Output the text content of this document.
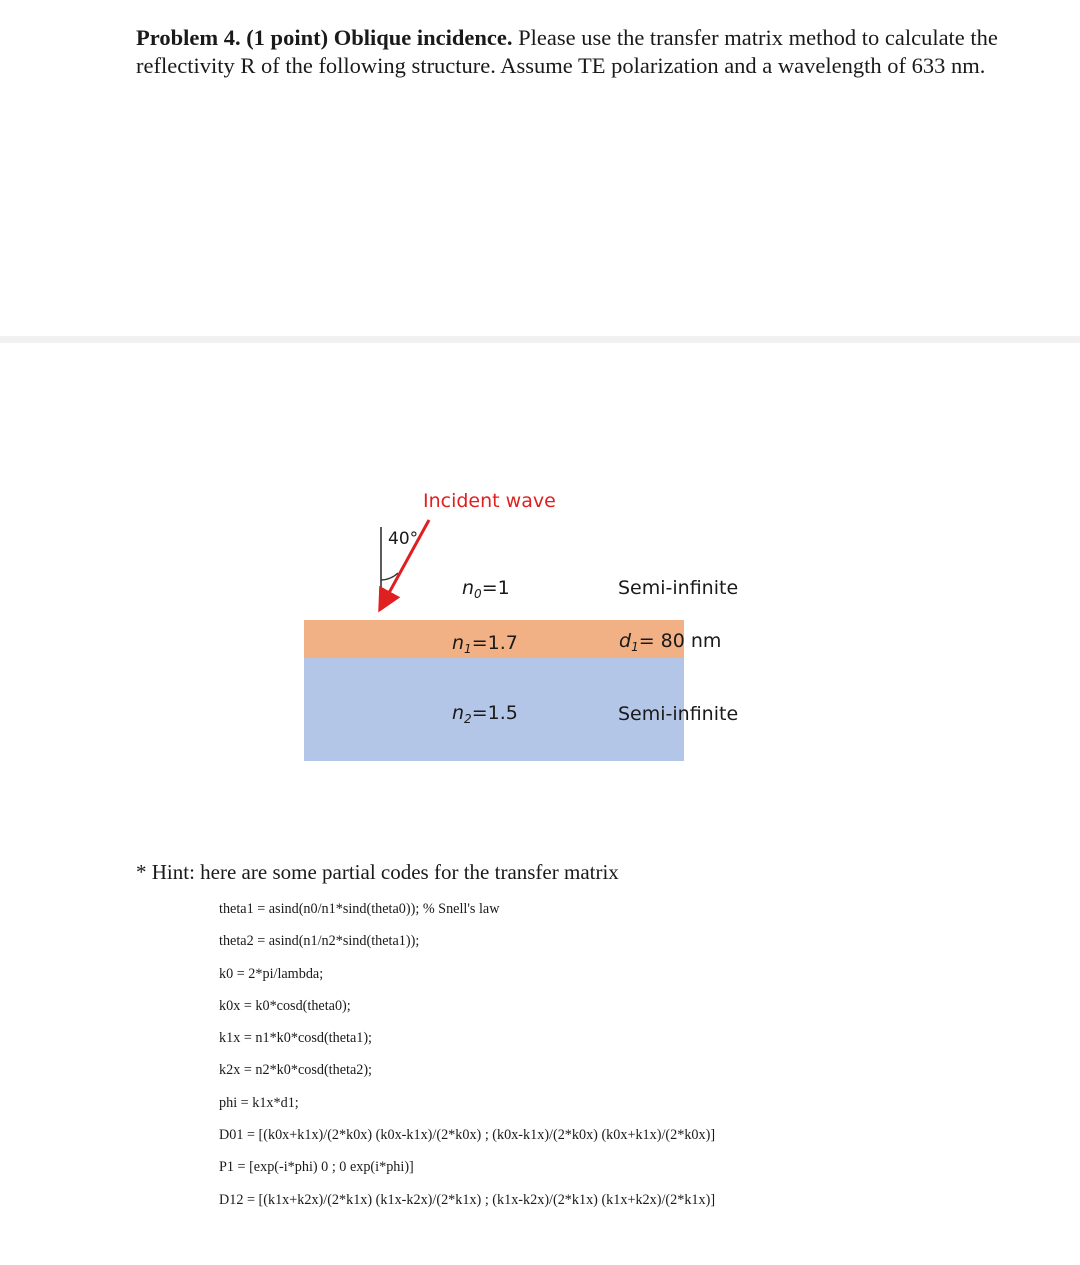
Problem 4. (1 point) Oblique incidence. Please use the transfer matrix method to calculate the reflectivity R of the following structure. Assume TE polarization and a wavelength of 633 nm.

Incident wave
40°
$n_0=1$	Semi-infinite
$n_1=1.7$	$d_1= 80$ nm
$n_2=1.5$	Semi-infinite

* Hint: here are some partial codes for the transfer matrix

theta1 = asind(n0/n1*sind(theta0)); % Snell's law
theta2 = asind(n1/n2*sind(theta1));
k0 = 2*pi/lambda;
k0x = k0*cosd(theta0);
k1x = n1*k0*cosd(theta1);
k2x = n2*k0*cosd(theta2);
phi = k1x*d1;
D01 = [(k0x+k1x)/(2*k0x) (k0x-k1x)/(2*k0x) ; (k0x-k1x)/(2*k0x) (k0x+k1x)/(2*k0x)]
P1 = [exp(-i*phi) 0 ; 0 exp(i*phi)]
D12 = [(k1x+k2x)/(2*k1x) (k1x-k2x)/(2*k1x) ; (k1x-k2x)/(2*k1x) (k1x+k2x)/(2*k1x)]
